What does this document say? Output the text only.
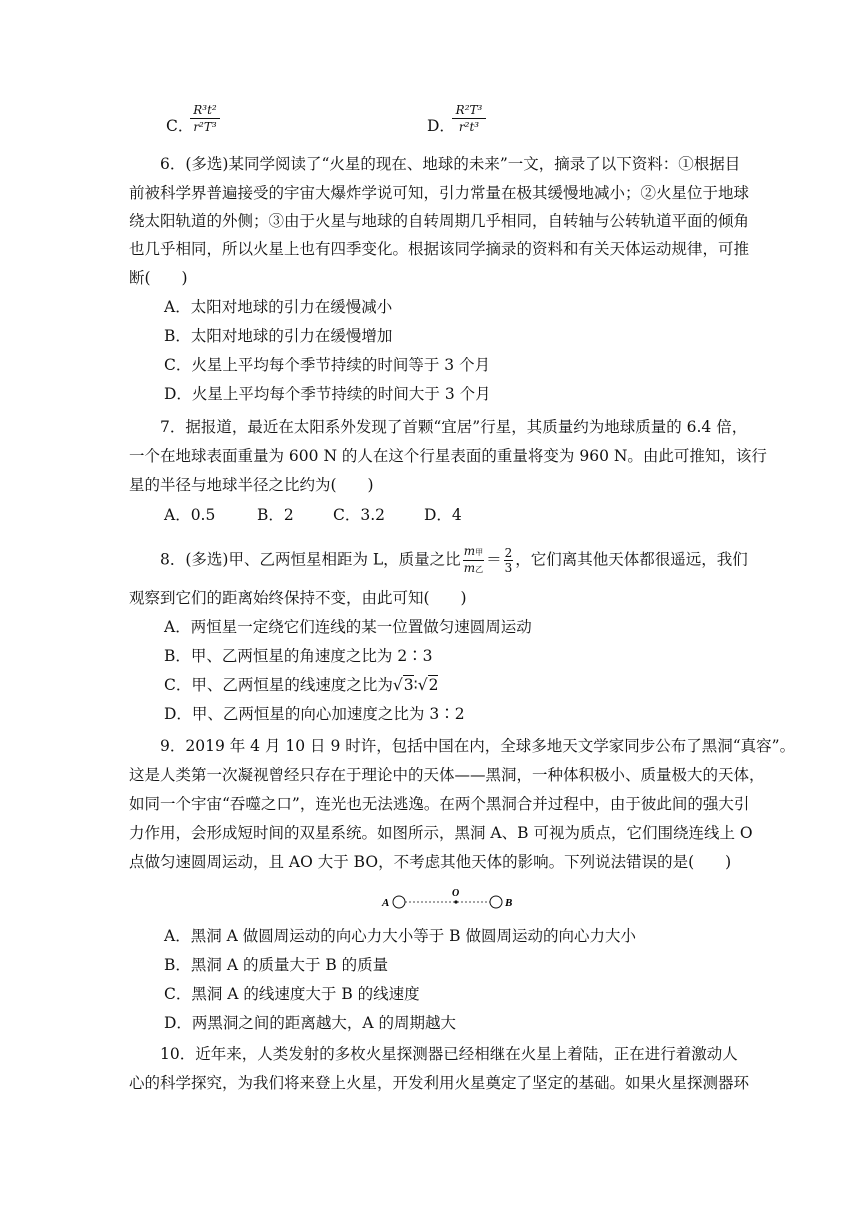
C．
R³t²
r²T³	D．
R²T³
r²t³
6．(多选)某同学阅读了“火星的现在、地球的未来”一文，摘录了以下资料：①根据目
前被科学界普遍接受的宇宙大爆炸学说可知，引力常量在极其缓慢地减小；②火星位于地球
绕太阳轨道的外侧；③由于火星与地球的自转周期几乎相同，自转轴与公转轨道平面的倾角
也几乎相同，所以火星上也有四季变化。根据该同学摘录的资料和有关天体运动规律，可推
断(　　)
A．太阳对地球的引力在缓慢减小
B．太阳对地球的引力在缓慢增加
C．火星上平均每个季节持续的时间等于 3 个月
D．火星上平均每个季节持续的时间大于 3 个月
7．据报道，最近在太阳系外发现了首颗“宜居”行星，其质量约为地球质量的 6.4 倍，
一个在地球表面重量为 600 N 的人在这个行星表面的重量将变为 960 N。由此可推知，该行
星的半径与地球半径之比约为(　　)
A．0.5	B．2	C．3.2	D．4
8．(多选)甲、乙两恒星相距为 L，质量之比 $\frac{\text{m甲}}{\text{m乙}} = \frac{2}{3}$ ，它们离其他天体都很遥远，我们
观察到它们的距离始终保持不变，由此可知(　　)
A．两恒星一定绕它们连线的某一位置做匀速圆周运动
B．甲、乙两恒星的角速度之比为 2∶3
C．甲、乙两恒星的线速度之比为√3∶√2
D．甲、乙两恒星的向心加速度之比为 3∶2
9．2019 年 4 月 10 日 9 时许，包括中国在内，全球多地天文学家同步公布了黑洞“真容”。
这是人类第一次凝视曾经只存在于理论中的天体——黑洞，一种体积极小、质量极大的天体，
如同一个宇宙“吞噬之口”，连光也无法逃逸。在两个黑洞合并过程中，由于彼此间的强大引
力作用，会形成短时间的双星系统。如图所示，黑洞 A、B 可视为质点，它们围绕连线上 O
点做匀速圆周运动，且 AO 大于 BO，不考虑其他天体的影响。下列说法错误的是(　　)
A
O
B
A．黑洞 A 做圆周运动的向心力大小等于 B 做圆周运动的向心力大小
B．黑洞 A 的质量大于 B 的质量
C．黑洞 A 的线速度大于 B 的线速度
D．两黑洞之间的距离越大，A 的周期越大
10．近年来，人类发射的多枚火星探测器已经相继在火星上着陆，正在进行着激动人
心的科学探究，为我们将来登上火星，开发利用火星奠定了坚定的基础。如果火星探测器环
